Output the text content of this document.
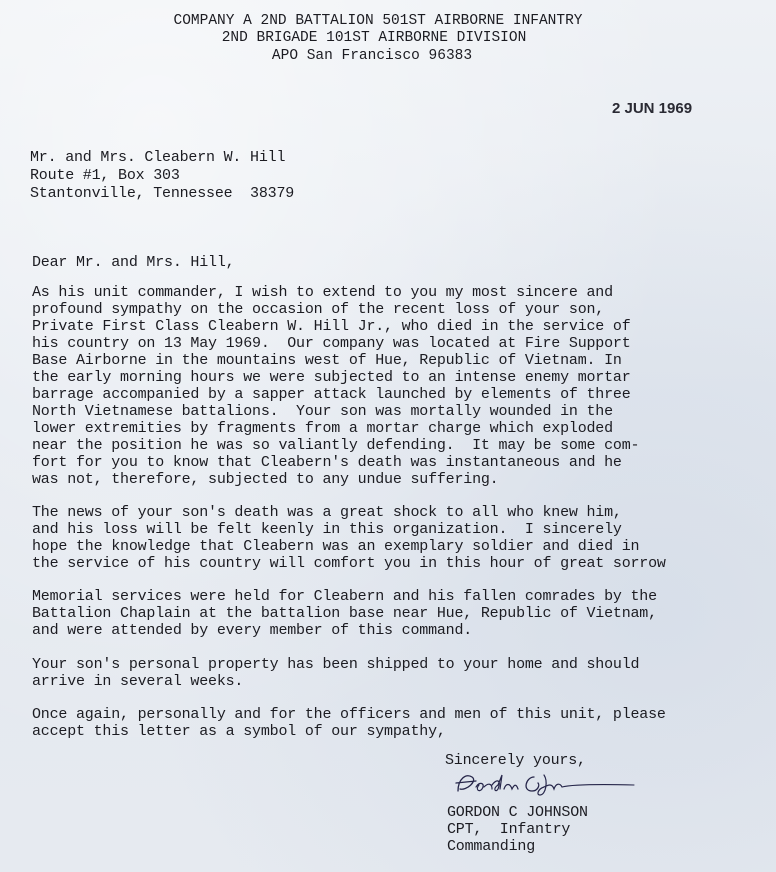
COMPANY A 2ND BATTALION 501ST AIRBORNE INFANTRY
2ND BRIGADE 101ST AIRBORNE DIVISION
APO San Francisco 96383
2 JUN 1969
Mr. and Mrs. Cleabern W. Hill
Route #1, Box 303
Stantonville, Tennessee  38379
Dear Mr. and Mrs. Hill,
As his unit commander, I wish to extend to you my most sincere and
profound sympathy on the occasion of the recent loss of your son,
Private First Class Cleabern W. Hill Jr., who died in the service of
his country on 13 May 1969.  Our company was located at Fire Support
Base Airborne in the mountains west of Hue, Republic of Vietnam. In
the early morning hours we were subjected to an intense enemy mortar
barrage accompanied by a sapper attack launched by elements of three
North Vietnamese battalions.  Your son was mortally wounded in the
lower extremities by fragments from a mortar charge which exploded
near the position he was so valiantly defending.  It may be some com-
fort for you to know that Cleabern's death was instantaneous and he
was not, therefore, subjected to any undue suffering.
The news of your son's death was a great shock to all who knew him,
and his loss will be felt keenly in this organization.  I sincerely
hope the knowledge that Cleabern was an exemplary soldier and died in
the service of his country will comfort you in this hour of great sorrow
Memorial services were held for Cleabern and his fallen comrades by the
Battalion Chaplain at the battalion base near Hue, Republic of Vietnam,
and were attended by every member of this command.
Your son's personal property has been shipped to your home and should
arrive in several weeks.
Once again, personally and for the officers and men of this unit, please
accept this letter as a symbol of our sympathy,
Sincerely yours,
GORDON C JOHNSON
CPT,  Infantry
Commanding
